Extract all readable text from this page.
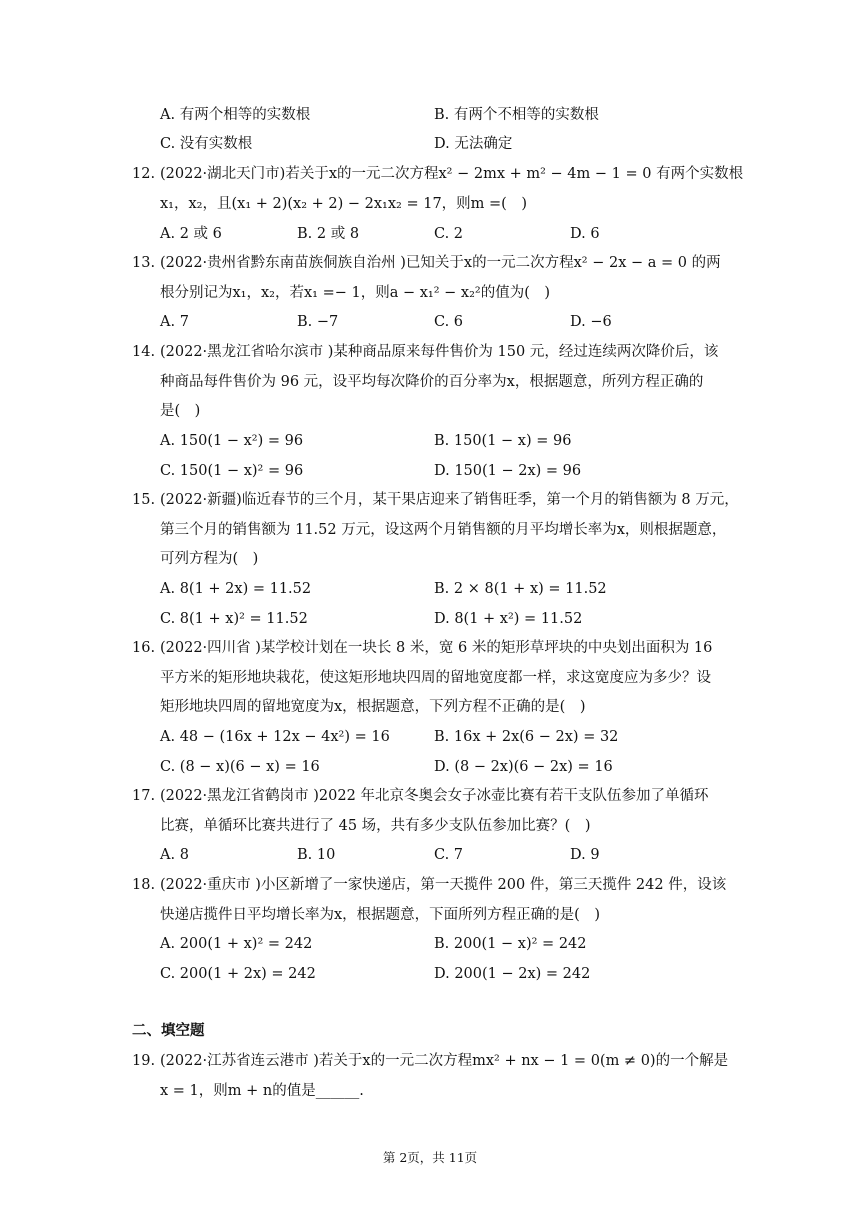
A. 有两个相等的实数根	B. 有两个不相等的实数根
C. 没有实数根	D. 无法确定
12. (2022·湖北天门市)若关于x的一元二次方程x² − 2mx + m² − 4m − 1 = 0 有两个实数根
x₁，x₂，且(x₁ + 2)(x₂ + 2) − 2x₁x₂ = 17，则m =(　)
A. 2 或 6	B. 2 或 8	C. 2	D. 6
13. (2022·贵州省黔东南苗族侗族自治州 )已知关于x的一元二次方程x² − 2x − a = 0 的两
根分别记为x₁，x₂，若x₁ =− 1，则a − x₁² − x₂²的值为(　)
A. 7	B. −7	C. 6	D. −6
14. (2022·黑龙江省哈尔滨市 )某种商品原来每件售价为 150 元，经过连续两次降价后，该
种商品每件售价为 96 元，设平均每次降价的百分率为x，根据题意，所列方程正确的
是(　)
A. 150(1 − x²) = 96	B. 150(1 − x) = 96
C. 150(1 − x)² = 96	D. 150(1 − 2x) = 96
15. (2022·新疆)临近春节的三个月，某干果店迎来了销售旺季，第一个月的销售额为 8 万元，
第三个月的销售额为 11.52 万元，设这两个月销售额的月平均增长率为x，则根据题意，
可列方程为(　)
A. 8(1 + 2x) = 11.52	B. 2 × 8(1 + x) = 11.52
C. 8(1 + x)² = 11.52	D. 8(1 + x²) = 11.52
16. (2022·四川省 )某学校计划在一块长 8 米，宽 6 米的矩形草坪块的中央划出面积为 16
平方米的矩形地块栽花，使这矩形地块四周的留地宽度都一样，求这宽度应为多少？设
矩形地块四周的留地宽度为x，根据题意，下列方程不正确的是(　)
A. 48 − (16x + 12x − 4x²) = 16	B. 16x + 2x(6 − 2x) = 32
C. (8 − x)(6 − x) = 16	D. (8 − 2x)(6 − 2x) = 16
17. (2022·黑龙江省鹤岗市 )2022 年北京冬奥会女子冰壶比赛有若干支队伍参加了单循环
比赛，单循环比赛共进行了 45 场，共有多少支队伍参加比赛？(　)
A. 8	B. 10	C. 7	D. 9
18. (2022·重庆市 )小区新增了一家快递店，第一天揽件 200 件，第三天揽件 242 件，设该
快递店揽件日平均增长率为x，根据题意，下面所列方程正确的是(　)
A. 200(1 + x)² = 242	B. 200(1 − x)² = 242
C. 200(1 + 2x) = 242	D. 200(1 − 2x) = 242
二、填空题
19. (2022·江苏省连云港市 )若关于x的一元二次方程mx² + nx − 1 = 0(m ≠ 0)的一个解是
x = 1，则m + n的值是______.
第 2页，共 11页
